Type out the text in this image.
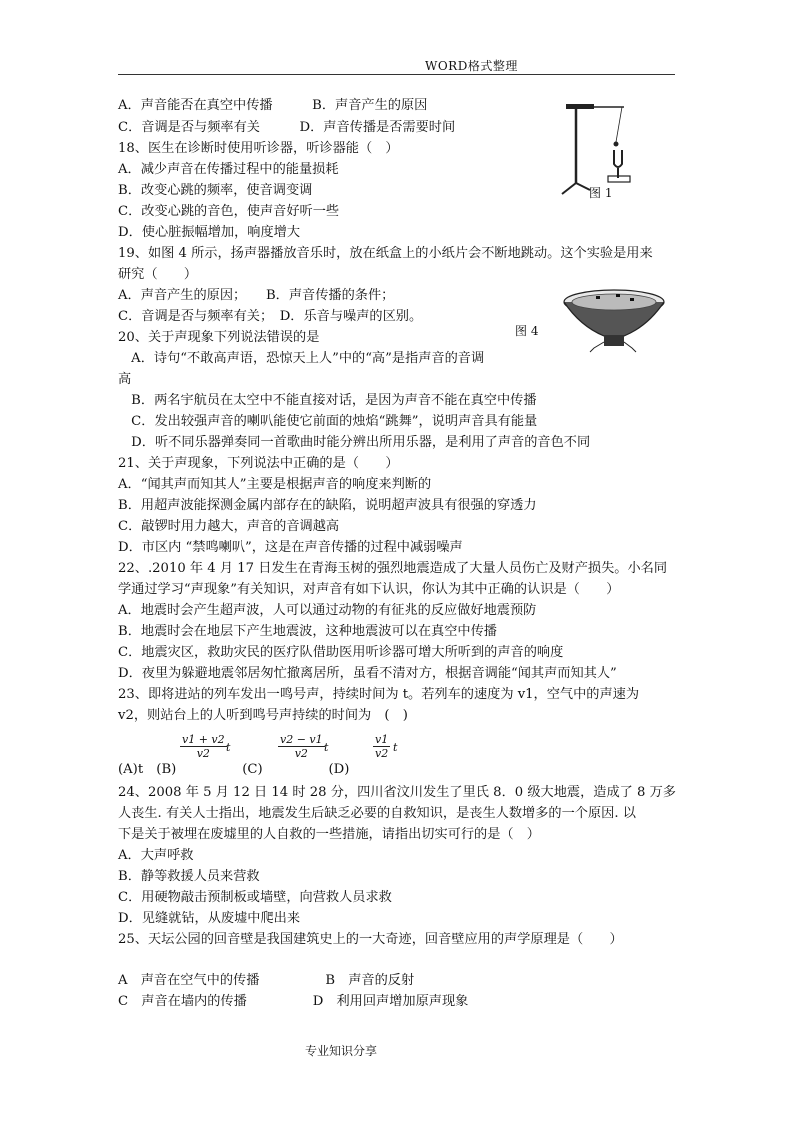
WORD格式整理
图 1
图 4
A．声音能否在真空中传播　　　B．声音产生的原因
C．音调是否与频率有关　　　D．声音传播是否需要时间
18、医生在诊断时使用听诊器，听诊器能（　）
A．减少声音在传播过程中的能量损耗
B．改变心跳的频率，使音调变调
C．改变心跳的音色，使声音好听一些
D．使心脏振幅增加，响度增大
19、如图 4 所示，扬声器播放音乐时，放在纸盒上的小纸片会不断地跳动。这个实验是用来
研究（　　）
A．声音产生的原因；　　B．声音传播的条件；
C．音调是否与频率有关；　D．乐音与噪声的区别。
20、关于声现象下列说法错误的是
　A．诗句“不敢高声语，恐惊天上人”中的“高”是指声音的音调
高
　B．两名宇航员在太空中不能直接对话，是因为声音不能在真空中传播
　C．发出较强声音的喇叭能使它前面的烛焰“跳舞”，说明声音具有能量
　D．听不同乐器弹奏同一首歌曲时能分辨出所用乐器，是利用了声音的音色不同
21、关于声现象，下列说法中正确的是（　　）
A．“闻其声而知其人”主要是根据声音的响度来判断的
B．用超声波能探测金属内部存在的缺陷，说明超声波具有很强的穿透力
C．敲锣时用力越大，声音的音调越高
D．市区内 “禁鸣喇叭”，这是在声音传播的过程中减弱噪声
22、.2010 年 4 月 17 日发生在青海玉树的强烈地震造成了大量人员伤亡及财产损失。小名同
学通过学习“声现象”有关知识，对声音有如下认识，你认为其中正确的认识是（　　）
A．地震时会产生超声波，人可以通过动物的有征兆的反应做好地震预防
B．地震时会在地层下产生地震波，这种地震波可以在真空中传播
C．地震灾区，救助灾民的医疗队借助医用听诊器可增大所听到的声音的响度
D．夜里为躲避地震邻居匆忙撤离居所，虽看不清对方，根据音调能“闻其声而知其人”
23、即将进站的列车发出一鸣号声，持续时间为 t。若列车的速度为 v1，空气中的声速为
v2，则站台上的人听到鸣号声持续的时间为　(　)
$\frac{v1 + v2}{v2}$ t	$\frac{v2 - v1}{v2}$ t	$\frac{v1}{v2}$ t
(A)t　(B)　　　　　(C)　　　　　(D)
24、2008 年 5 月 12 日 14 时 28 分，四川省汶川发生了里氏 8．0 级大地震，造成了 8 万多
人丧生. 有关人士指出，地震发生后缺乏必要的自救知识，是丧生人数增多的一个原因. 以
下是关于被埋在废墟里的人自救的一些措施，请指出切实可行的是（　）
A．大声呼救
B．静等救援人员来营救
C．用硬物敲击预制板或墙壁，向营救人员求救
D．见缝就钻，从废墟中爬出来
25、天坛公园的回音壁是我国建筑史上的一大奇迹，回音壁应用的声学原理是（　　）
A　声音在空气中的传播　　　　　B　声音的反射
C　声音在墙内的传播　　　　　D　利用回声增加原声现象
专业知识分享
